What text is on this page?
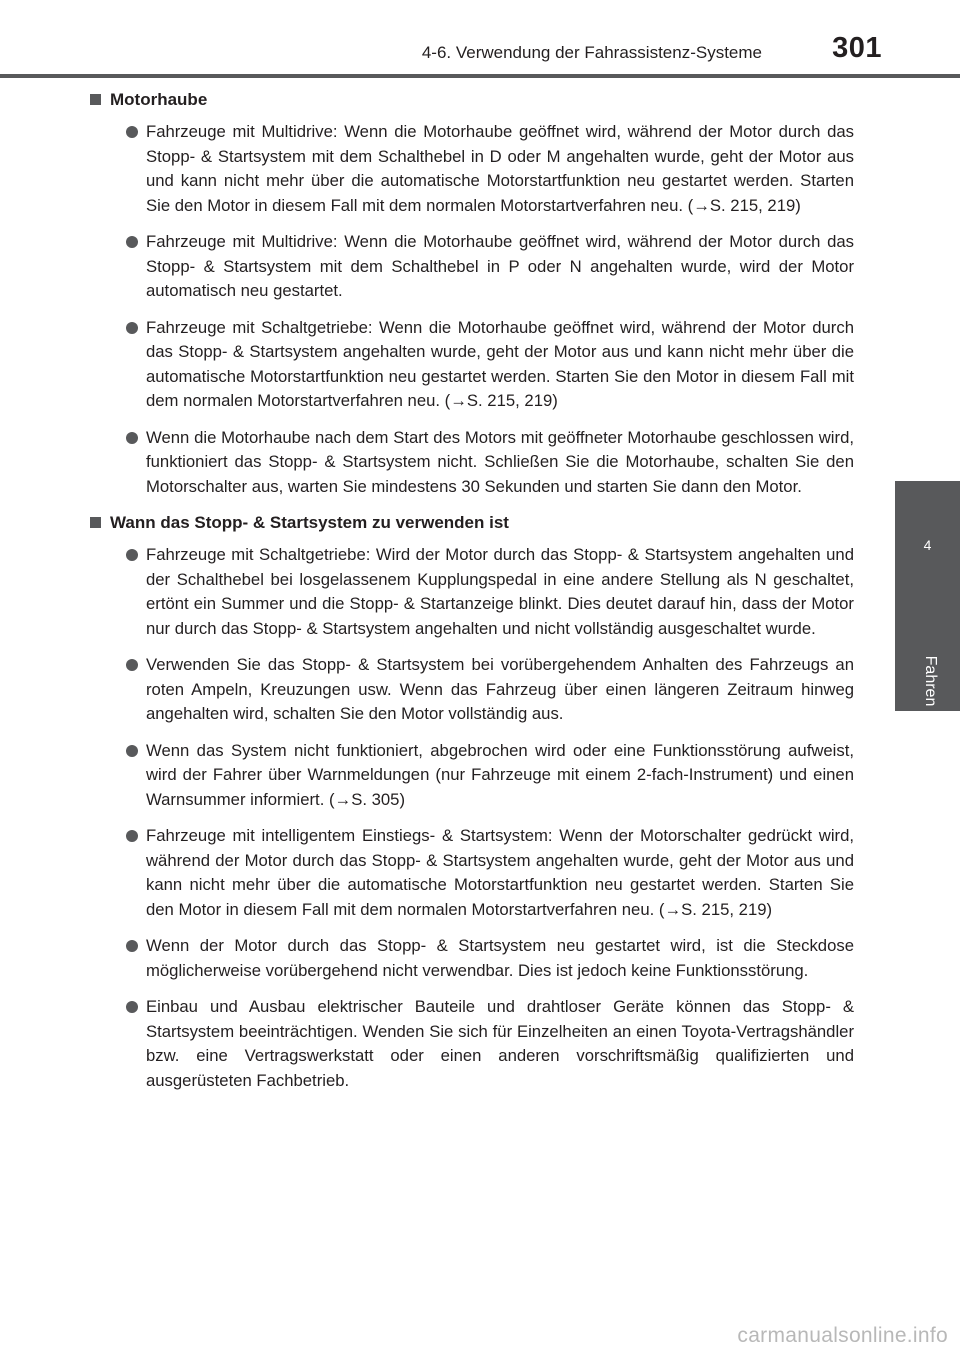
4-6. Verwendung der Fahrassistenz-Systeme 301
4
Fahren
Motorhaube
Fahrzeuge mit Multidrive: Wenn die Motorhaube geöffnet wird, während der Motor durch das Stopp- & Startsystem mit dem Schalthebel in D oder M angehalten wurde, geht der Motor aus und kann nicht mehr über die automatische Motorstartfunktion neu gestartet werden. Starten Sie den Motor in diesem Fall mit dem normalen Motorstartverfahren neu. (→S. 215, 219)
Fahrzeuge mit Multidrive: Wenn die Motorhaube geöffnet wird, während der Motor durch das Stopp- & Startsystem mit dem Schalthebel in P oder N angehalten wurde, wird der Motor automatisch neu gestartet.
Fahrzeuge mit Schaltgetriebe: Wenn die Motorhaube geöffnet wird, während der Motor durch das Stopp- & Startsystem angehalten wurde, geht der Motor aus und kann nicht mehr über die automatische Motorstartfunktion neu gestartet werden. Starten Sie den Motor in diesem Fall mit dem normalen Motorstartverfahren neu. (→S. 215, 219)
Wenn die Motorhaube nach dem Start des Motors mit geöffneter Motorhaube geschlossen wird, funktioniert das Stopp- & Startsystem nicht. Schließen Sie die Motorhaube, schalten Sie den Motorschalter aus, warten Sie mindestens 30 Sekunden und starten Sie dann den Motor.
Wann das Stopp- & Startsystem zu verwenden ist
Fahrzeuge mit Schaltgetriebe: Wird der Motor durch das Stopp- & Startsystem angehalten und der Schalthebel bei losgelassenem Kupplungspedal in eine andere Stellung als N geschaltet, ertönt ein Summer und die Stopp- & Startanzeige blinkt. Dies deutet darauf hin, dass der Motor nur durch das Stopp- & Startsystem angehalten und nicht vollständig ausgeschaltet wurde.
Verwenden Sie das Stopp- & Startsystem bei vorübergehendem Anhalten des Fahrzeugs an roten Ampeln, Kreuzungen usw. Wenn das Fahrzeug über einen längeren Zeitraum hinweg angehalten wird, schalten Sie den Motor vollständig aus.
Wenn das System nicht funktioniert, abgebrochen wird oder eine Funktionsstörung aufweist, wird der Fahrer über Warnmeldungen (nur Fahrzeuge mit einem 2-fach-Instrument) und einen Warnsummer informiert. (→S. 305)
Fahrzeuge mit intelligentem Einstiegs- & Startsystem: Wenn der Motorschalter gedrückt wird, während der Motor durch das Stopp- & Startsystem angehalten wurde, geht der Motor aus und kann nicht mehr über die automatische Motorstartfunktion neu gestartet werden. Starten Sie den Motor in diesem Fall mit dem normalen Motorstartverfahren neu. (→S. 215, 219)
Wenn der Motor durch das Stopp- & Startsystem neu gestartet wird, ist die Steckdose möglicherweise vorübergehend nicht verwendbar. Dies ist jedoch keine Funktionsstörung.
Einbau und Ausbau elektrischer Bauteile und drahtloser Geräte können das Stopp- & Startsystem beeinträchtigen. Wenden Sie sich für Einzelheiten an einen Toyota-Vertragshändler bzw. eine Vertragswerkstatt oder einen anderen vorschriftsmäßig qualifizierten und ausgerüsteten Fachbetrieb.
carmanualsonline.info
